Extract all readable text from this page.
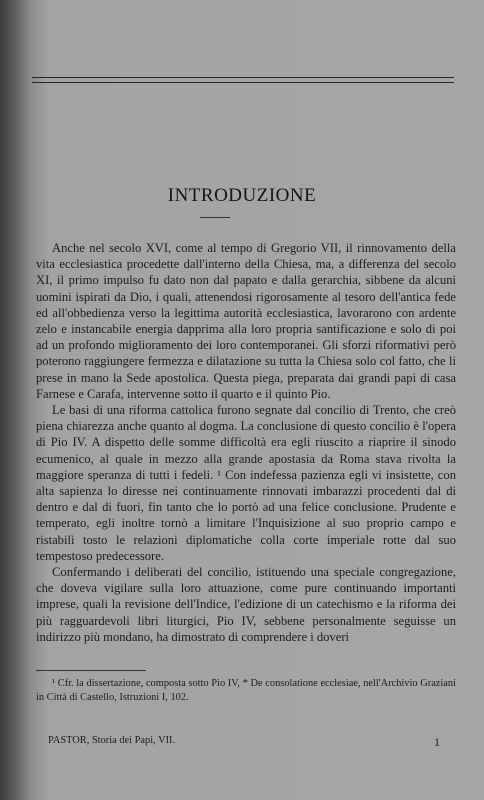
INTRODUZIONE

Anche nel secolo XVI, come al tempo di Gregorio VII, il rinnovamento della vita ecclesiastica procedette dall'interno della Chiesa, ma, a differenza del secolo XI, il primo impulso fu dato non dal papato e dalla gerarchia, sibbene da alcuni uomini ispirati da Dio, i quali, attenendosi rigorosamente al tesoro dell'antica fede ed all'obbedienza verso la legittima autorità ecclesiastica, lavorarono con ardente zelo e instancabile energia dapprima alla loro propria santificazione e solo di poi ad un profondo miglioramento dei loro contemporanei. Gli sforzi riformativi però poterono raggiungere fermezza e dilatazione su tutta la Chiesa solo col fatto, che li prese in mano la Sede apostolica. Questa piega, preparata dai grandi papi di casa Farnese e Carafa, intervenne sotto il quarto e il quinto Pio.

Le basi di una riforma cattolica furono segnate dal concilio di Trento, che creò piena chiarezza anche quanto al dogma. La conclusione di questo concilio è l'opera di Pio IV. A dispetto delle somme difficoltà era egli riuscito a riaprire il sinodo ecumenico, al quale in mezzo alla grande apostasia da Roma stava rivolta la maggiore speranza di tutti i fedeli. ¹ Con indefessa pazienza egli vi insistette, con alta sapienza lo diresse nei continuamente rinnovati imbarazzi procedenti dal di dentro e dal di fuori, fin tanto che lo portò ad una felice conclusione. Prudente e temperato, egli inoltre tornò a limitare l'Inquisizione al suo proprio campo e ristabilì tosto le relazioni diplomatiche colla corte imperiale rotte dal suo tempestoso predecessore.

Confermando i deliberati del concilio, istituendo una speciale congregazione, che doveva vigilare sulla loro attuazione, come pure continuando importanti imprese, quali la revisione dell'Indice, l'edizione di un catechismo e la riforma dei più ragguardevoli libri liturgici, Pio IV, sebbene personalmente seguisse un indirizzo più mondano, ha dimostrato di comprendere i doveri

¹ Cfr. la dissertazione, composta sotto Pio IV, * De consolatione ecclesiae, nell'Archivio Graziani in Città di Castello, Istruzioni I, 102.

PASTOR, Storia dei Papi, VII.	1
